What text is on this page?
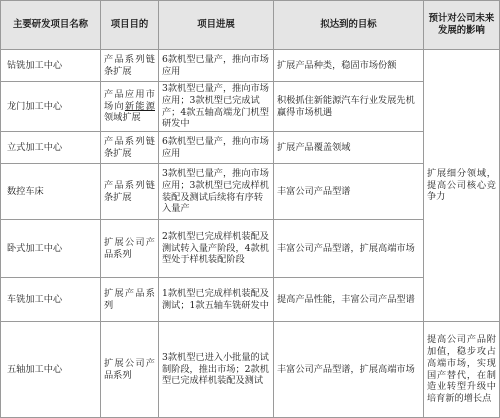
主要研发项目名称	项目目的	项目进展	拟达到的目标	预计对公司未来发展的影响
钻铣加工中心	产品系列链条扩展	6款机型已量产，推向市场应用	扩展产品种类，稳固市场份额	扩展细分领域，提高公司核心竞争力
龙门加工中心	产品应用市场向新能源领域扩展	3款机型已量产，推向市场应用；3款机型已完成试产；4款五轴高端龙门机型研发中	积极抓住新能源汽车行业发展先机赢得市场机遇	
立式加工中心	产品系列链条扩展	6款机型已量产，推向市场应用	扩展产品覆盖领域	
数控车床	产品系列链条扩展	3款机型已量产，推向市场应用；3款机型已完成样机装配及测试后续将有序转入量产	丰富公司产品型谱	
卧式加工中心	扩展公司产品系列	2款机型已完成样机装配及测试转入量产阶段，4款机型处于样机装配阶段	丰富公司产品型谱，扩展高端市场	
车铣加工中心	扩展产品系列	1款机型已完成样机装配及测试；1款五轴车铣研发中	提高产品性能，丰富公司产品型谱	
五轴加工中心	扩展公司产品系列	3款机型已进入小批量的试制阶段，推出市场；2款机型已完成样机装配及测试	丰富公司产品型谱，扩展高端市场	提高公司产品附加值，稳步攻占高端市场，实现国产替代，在制造业转型升级中培育新的增长点
